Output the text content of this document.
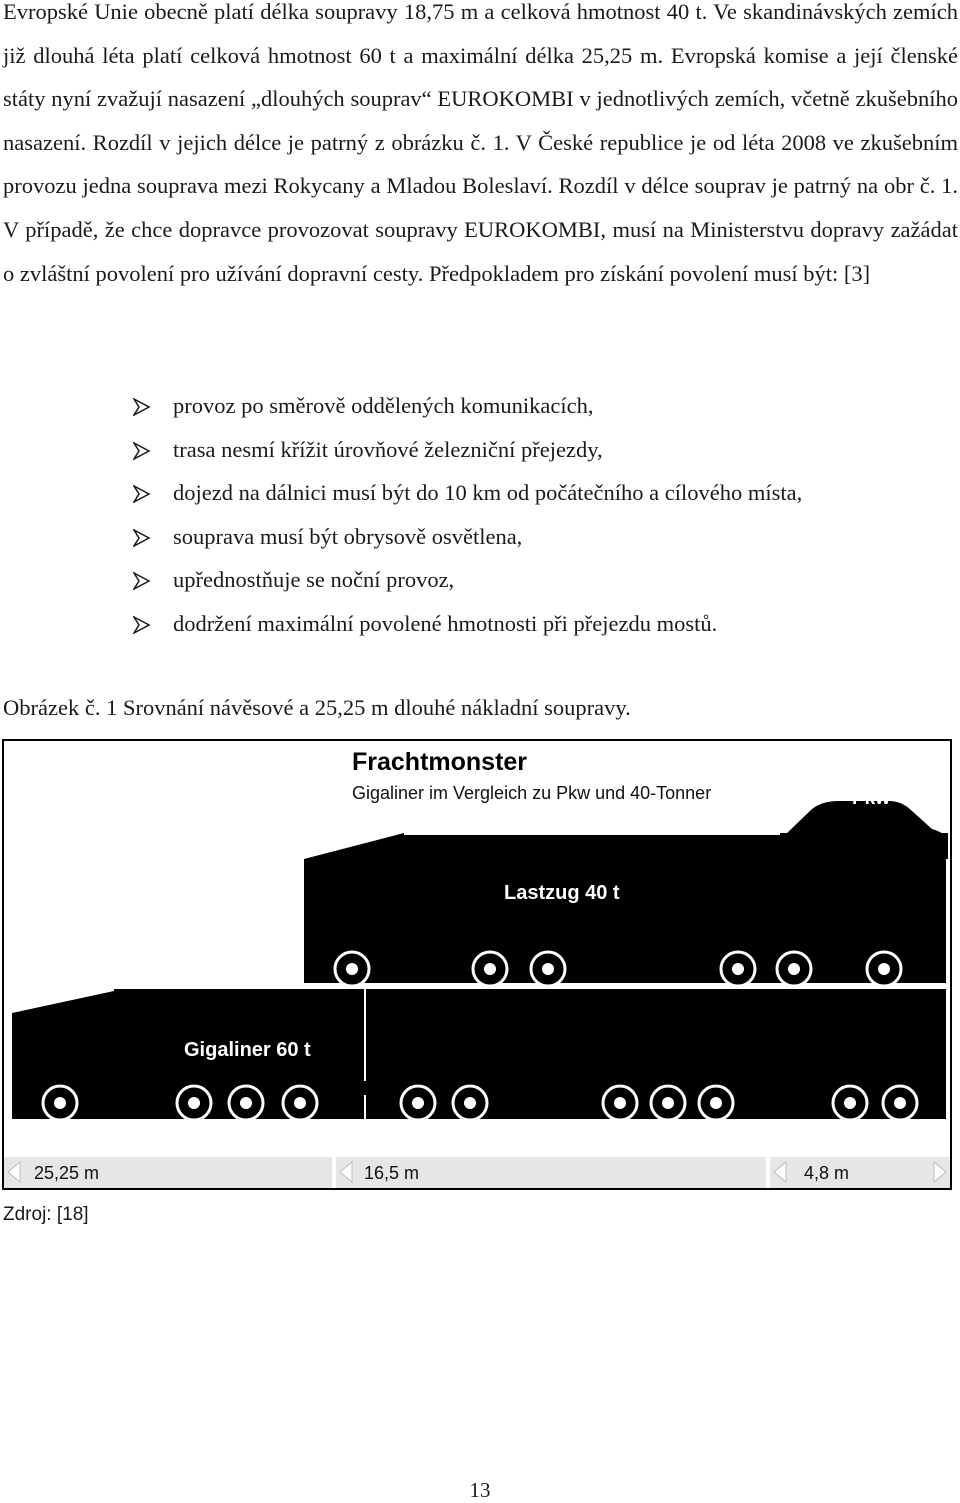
Evropské Unie obecně platí délka soupravy 18,75 m a celková hmotnost 40 t. Ve skandinávských zemích již dlouhá léta platí celková hmotnost 60 t a maximální délka 25,25 m. Evropská komise a její členské státy nyní zvažují nasazení „dlouhých souprav“ EUROKOMBI v jednotlivých zemích, včetně zkušebního nasazení. Rozdíl v jejich délce je patrný z obrázku č. 1. V České republice je od léta 2008 ve zkušebním provozu jedna souprava mezi Rokycany a Mladou Boleslaví. Rozdíl v délce souprav je patrný na obr č. 1. V případě, že chce dopravce provozovat soupravy EUROKOMBI, musí na Ministerstvu dopravy zažádat o zvláštní povolení pro užívání dopravní cesty. Předpokladem pro získání povolení musí být: [3]

provoz po směrově oddělených komunikacích,
trasa nesmí křížit úrovňové železniční přejezdy,
dojezd na dálnici musí být do 10 km od počátečního a cílového místa,
souprava musí být obrysově osvětlena,
upřednostňuje se noční provoz,
dodržení maximální povolené hmotnosti při přejezdu mostů.
Obrázek č. 1 Srovnání návěsové a 25,25 m dlouhé nákladní soupravy.
Frachtmonster
Gigaliner im Vergleich zu Pkw und 40-Tonner	Pkw
Lastzug 40 t
Gigaliner 60 t
25,25 m	16,5 m	4,8 m
Zdroj: [18]
13
